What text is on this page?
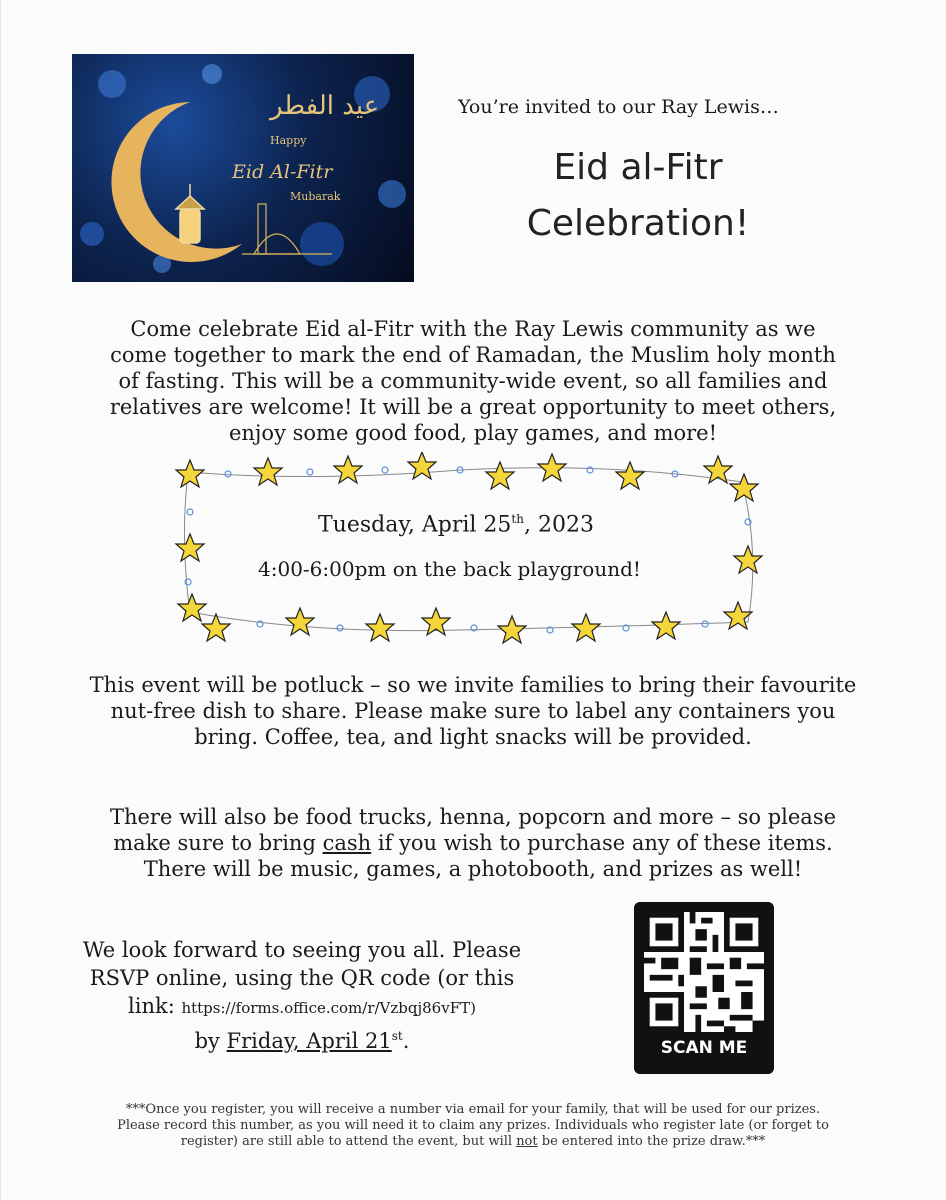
عيد الفطر
Happy
Eid Al-Fitr
Mubarak
You’re invited to our Ray Lewis…
Eid al-Fitr
Celebration!
Come celebrate Eid al-Fitr with the Ray Lewis community as we
come together to mark the end of Ramadan, the Muslim holy month
of fasting. This will be a community-wide event, so all families and
relatives are welcome! It will be a great opportunity to meet others,
enjoy some good food, play games, and more!
Tuesday, April 25th, 2023
4:00-6:00pm on the back playground!
This event will be potluck – so we invite families to bring their favourite
nut-free dish to share. Please make sure to label any containers you
bring. Coffee, tea, and light snacks will be provided.
There will also be food trucks, henna, popcorn and more – so please
make sure to bring cash if you wish to purchase any of these items.
There will be music, games, a photobooth, and prizes as well!
We look forward to seeing you all. Please
RSVP online, using the QR code (or this
link: https://forms.office.com/r/Vzbqj86vFT)
by Friday, April 21st.	SCAN ME
***Once you register, you will receive a number via email for your family, that will be used for our prizes.
Please record this number, as you will need it to claim any prizes. Individuals who register late (or forget to
register) are still able to attend the event, but will not be entered into the prize draw.***
